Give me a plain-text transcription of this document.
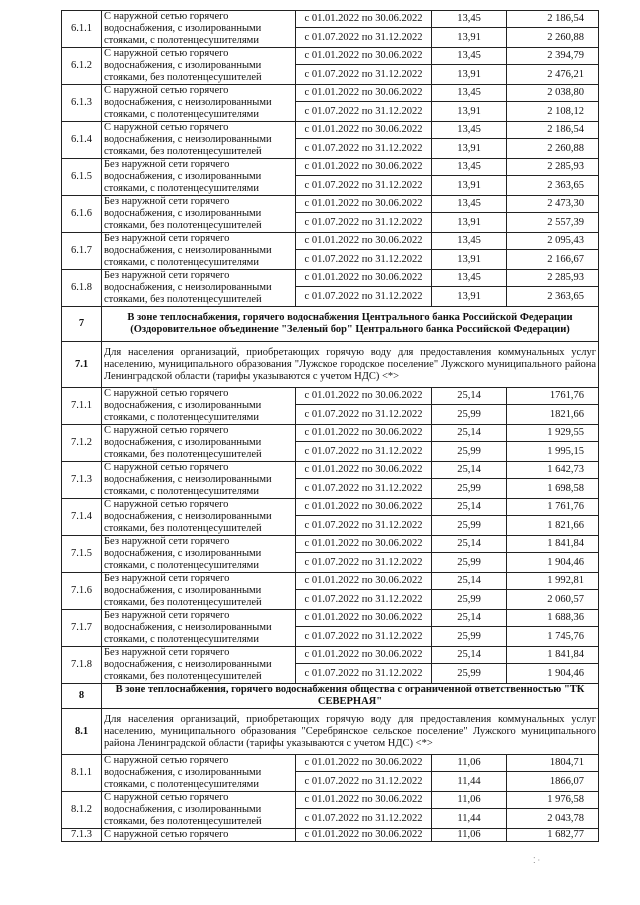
6.1.1	С наружной сетью горячего водоснабжения, с изолированными стояками, с полотенцесушителями	с 01.01.2022 по 30.06.2022	13,45	2 186,54
		с 01.07.2022 по 31.12.2022	13,91	2 260,88
6.1.2	С наружной сетью горячего водоснабжения, с изолированными стояками, без полотенцесушителей	с 01.01.2022 по 30.06.2022	13,45	2 394,79
		с 01.07.2022 по 31.12.2022	13,91	2 476,21
6.1.3	С наружной сетью горячего водоснабжения, с неизолированными стояками, с полотенцесушителями	с 01.01.2022 по 30.06.2022	13,45	2 038,80
		с 01.07.2022 по 31.12.2022	13,91	2 108,12
6.1.4	С наружной сетью горячего водоснабжения, с неизолированными стояками, без полотенцесушителей	с 01.01.2022 по 30.06.2022	13,45	2 186,54
		с 01.07.2022 по 31.12.2022	13,91	2 260,88
6.1.5	Без наружной сети горячего водоснабжения, с изолированными стояками, с полотенцесушителями	с 01.01.2022 по 30.06.2022	13,45	2 285,93
		с 01.07.2022 по 31.12.2022	13,91	2 363,65
6.1.6	Без наружной сети горячего водоснабжения, с изолированными стояками, без полотенцесушителей	с 01.01.2022 по 30.06.2022	13,45	2 473,30
		с 01.07.2022 по 31.12.2022	13,91	2 557,39
6.1.7	Без наружной сети горячего водоснабжения, с неизолированными стояками, с полотенцесушителями	с 01.01.2022 по 30.06.2022	13,45	2 095,43
		с 01.07.2022 по 31.12.2022	13,91	2 166,67
6.1.8	Без наружной сети горячего водоснабжения, с неизолированными стояками, без полотенцесушителей	с 01.01.2022 по 30.06.2022	13,45	2 285,93
		с 01.07.2022 по 31.12.2022	13,91	2 363,65
7	В зоне теплоснабжения, горячего водоснабжения Центрального банка Российской Федерации (Оздоровительное объединение "Зеленый бор" Центрального банка Российской Федерации)			
7.1	Для населения организаций, приобретающих горячую воду для предоставления коммунальных услуг населению, муниципального образования "Лужское городское поселение" Лужского муниципального района Ленинградской области (тарифы указываются с учетом НДС) <*>			
7.1.1	С наружной сетью горячего водоснабжения, с изолированными стояками, с полотенцесушителями	с 01.01.2022 по 30.06.2022	25,14	1761,76
		с 01.07.2022 по 31.12.2022	25,99	1821,66
7.1.2	С наружной сетью горячего водоснабжения, с изолированными стояками, без полотенцесушителей	с 01.01.2022 по 30.06.2022	25,14	1 929,55
		с 01.07.2022 по 31.12.2022	25,99	1 995,15
7.1.3	С наружной сетью горячего водоснабжения, с неизолированными стояками, с полотенцесушителями	с 01.01.2022 по 30.06.2022	25,14	1 642,73
		с 01.07.2022 по 31.12.2022	25,99	1 698,58
7.1.4	С наружной сетью горячего водоснабжения, с неизолированными стояками, без полотенцесушителей	с 01.01.2022 по 30.06.2022	25,14	1 761,76
		с 01.07.2022 по 31.12.2022	25,99	1 821,66
7.1.5	Без наружной сети горячего водоснабжения, с изолированными стояками, с полотенцесушителями	с 01.01.2022 по 30.06.2022	25,14	1 841,84
		с 01.07.2022 по 31.12.2022	25,99	1 904,46
7.1.6	Без наружной сети горячего водоснабжения, с изолированными стояками, без полотенцесушителей	с 01.01.2022 по 30.06.2022	25,14	1 992,81
		с 01.07.2022 по 31.12.2022	25,99	2 060,57
7.1.7	Без наружной сети горячего водоснабжения, с неизолированными стояками, с полотенцесушителями	с 01.01.2022 по 30.06.2022	25,14	1 688,36
		с 01.07.2022 по 31.12.2022	25,99	1 745,76
7.1.8	Без наружной сети горячего водоснабжения, с неизолированными стояками, без полотенцесушителей	с 01.01.2022 по 30.06.2022	25,14	1 841,84
		с 01.07.2022 по 31.12.2022	25,99	1 904,46
8	В зоне теплоснабжения, горячего водоснабжения общества с ограниченной ответственностью "ТК СЕВЕРНАЯ"			
8.1	Для населения организаций, приобретающих горячую воду для предоставления коммунальных услуг населению, муниципального образования "Серебрянское сельское поселение" Лужского муниципального района Ленинградской области (тарифы указываются с учетом НДС) <*>			
8.1.1	С наружной сетью горячего водоснабжения, с изолированными стояками, с полотенцесушителями	с 01.01.2022 по 30.06.2022	11,06	1804,71
		с 01.07.2022 по 31.12.2022	11,44	1866,07
8.1.2	С наружной сетью горячего водоснабжения, с изолированными стояками, без полотенцесушителей	с 01.01.2022 по 30.06.2022	11,06	1 976,58
		с 01.07.2022 по 31.12.2022	11,44	2 043,78
7.1.3	С наружной сетью горячего	с 01.01.2022 по 30.06.2022	11,06	1 682,77
⁚ ·
